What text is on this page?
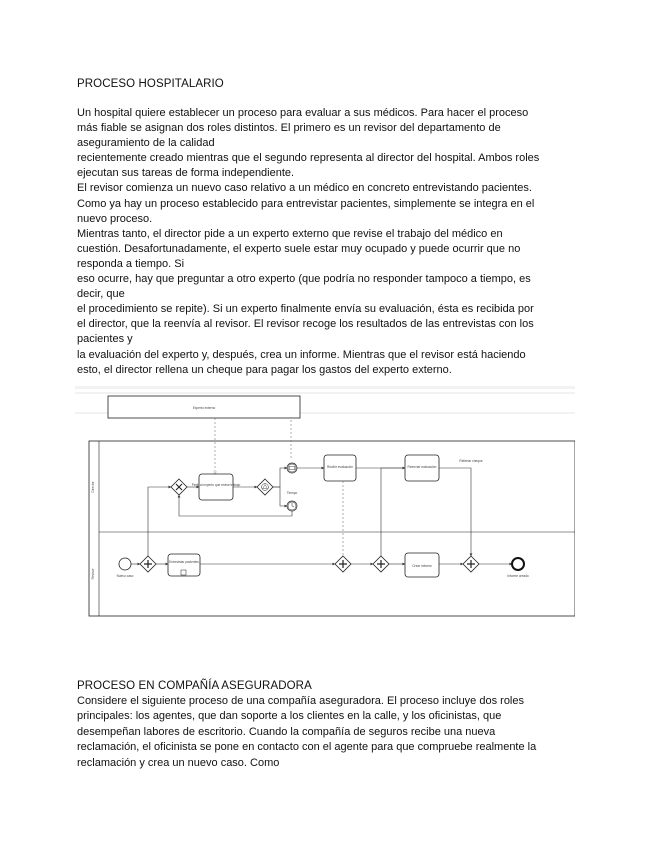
PROCESO HOSPITALARIO

Un hospital quiere establecer un proceso para evaluar a sus médicos. Para hacer el proceso

más fiable se asignan dos roles distintos. El primero es un revisor del departamento de

aseguramiento de la calidad

recientemente creado mientras que el segundo representa al director del hospital. Ambos roles

ejecutan sus tareas de forma independiente.

El revisor comienza un nuevo caso relativo a un médico en concreto entrevistando pacientes.

Como ya hay un proceso establecido para entrevistar pacientes, simplemente se integra en el

nuevo proceso.

Mientras tanto, el director pide a un experto externo que revise el trabajo del médico en

cuestión. Desafortunadamente, el experto suele estar muy ocupado y puede ocurrir que no

responda a tiempo. Si

eso ocurre, hay que preguntar a otro experto (que podría no responder tampoco a tiempo, es

decir, que

el procedimiento se repite). Si un experto finalmente envía su evaluación, ésta es recibida por

el director, que la reenvía al revisor. El revisor recoge los resultados de las entrevistas con los

pacientes y

la evaluación del experto y, después, crea un informe. Mientras que el revisor está haciendo

esto, el director rellena un cheque para pagar los gastos del experto externo.

Experto externo
Director
Revisor	Nuevo caso
Entrevistar pacientes
Crear informe
Informe creado
Pedir al experto que revise trabajo
Tiempo
Recibir evaluación	Reenviar evaluación
Rellenar cheque
PROCESO EN COMPAÑÍA ASEGURADORA

Considere el siguiente proceso de una compañía aseguradora. El proceso incluye dos roles

principales: los agentes, que dan soporte a los clientes en la calle, y los oficinistas, que

desempeñan labores de escritorio. Cuando la compañía de seguros recibe una nueva

reclamación, el oficinista se pone en contacto con el agente para que compruebe realmente la

reclamación y crea un nuevo caso. Como
